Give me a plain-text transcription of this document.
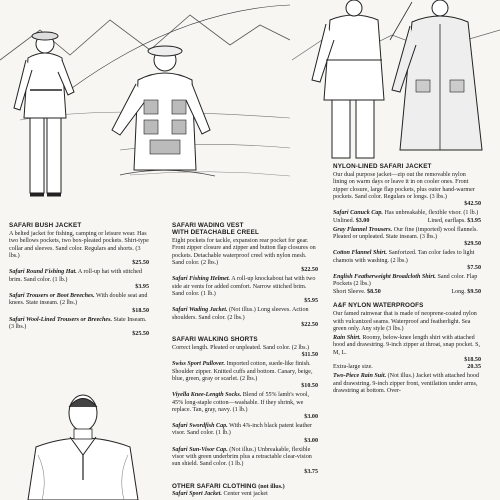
SAFARI BUSH JACKET

A belted jacket for fishing, camping or leisure wear. Has two bellows pockets, two box-pleated pockets. Shirt-type collar and sleeves. Sand color. Regulars and shorts. (3 lbs.)
$25.50

Safari Round Fishing Hat. A roll-up hat with stitched brim. Sand color. (1 lb.)
$3.95

Safari Trousers or Boot Breeches. With double seat and knees. State inseam. (2 lbs.)
$18.50

Safari Wool-Lined Trousers or Breeches. State Inseam. (3 lbs.)
$25.50

SAFARI WADING VEST
WITH DETACHABLE CREEL

Eight pockets for tackle, expansion rear pocket for gear. Front zipper closure and zipper and button flap closures on pockets. Detachable waterproof creel with nylon mesh. Sand color. (2 lbs.)
$22.50

Safari Fishing Helmet. A roll-up knockabout hat with two side air vents for added comfort. Narrow stitched brim. Sand color. (1 lb.)
$5.95

Safari Wading Jacket. (Not illus.) Long sleeves. Action shoulders. Sand color. (2 lbs.)
$22.50

SAFARI WALKING SHORTS

Correct length. Pleated or unpleated. Sand color. (2 lbs.)
$11.50

Swiss Sport Pullover. Imported cotton, suede-like finish. Shoulder zipper. Knitted cuffs and bottom. Canary, beige, blue, green, gray or scarlet. (2 lbs.)
$10.50

Viyella Knee-Length Socks. Blend of 55% lamb's wool, 45% long-staple cotton—washable. If they shrink, we replace. Tan, gray, navy. (1 lb.)
$3.00

Safari Swordfish Cap. With 4⅞-inch black patent leather visor. Sand color. (1 lb.)
$3.00

Safari Sun-Visor Cap. (Not illus.) Unbreakable, flexible visor with green underbrim plus a retractable clear-vision sun shield. Sand color. (1 lb.)
$3.75

OTHER SAFARI CLOTHING (not illus.)

Safari Sport Jacket. Center vent jacket

NYLON-LINED SAFARI JACKET

Our dual purpose jacket—zip out the removable nylon lining on warm days or leave it in on cooler ones. Front zipper closure, large flap pockets, plus outer hand-warmer pockets. Sand color. Regulars or longs. (3 lbs.)
$42.50

Safari Canuck Cap. Has unbreakable, flexible visor. (1 lb.)
Unlined. $3.00	Lined, earflaps. $3.95

Gray Flannel Trousers. Our fine (imported) wool flannels. Pleated or unpleated. State inseam. (3 lbs.)
$29.50

Cotton Flannel Shirt. Sanforized. Tan color fades to light chamois with washing. (2 lbs.)
$7.50

English Featherweight Broadcloth Shirt. Sand color. Flap Pockets (2 lbs.)
Short Sleeve. $8.50	Long. $9.50

A&F NYLON WATERPROOFS

Our famed rainwear that is made of neoprene-coated nylon with vulcanized seams. Waterproof and featherlight. Sea green only. Any style (3 lbs.)

Rain Shirt. Roomy, below-knee length shirt with attached hood and drawstring. 9-inch zipper at throat, snap pocket. S, M, L.
$18.50
Extra-large size.	20.35

Two-Piece Rain Suit. (Not illus.) Jacket with attached hood and drawstring. 9-inch zipper front, ventilation under arms, drawstring at bottom. Over-
